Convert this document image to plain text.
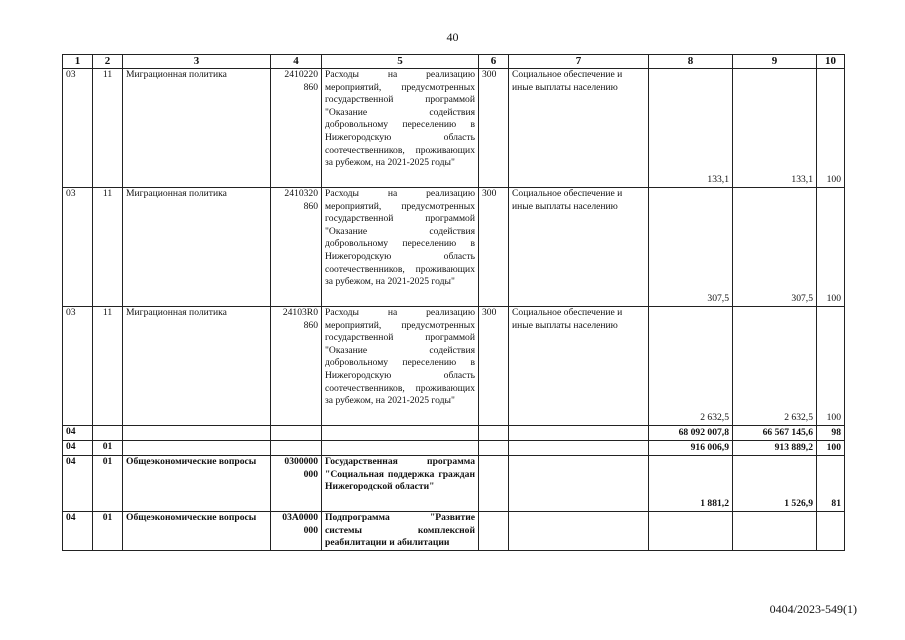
40
1	2	3	4	5	6	7	8	9	10
03	11	Миграционная политика	2410220 860	Расходы на реализацию мероприятий, предусмотренных государственной программой "Оказание содействия добровольному переселению в Нижегородскую область соотечественников, проживающих за рубежом, на 2021-2025 годы"	300	Социальное обеспечение и иные выплаты населению	133,1	133,1	100
03	11	Миграционная политика	2410320 860	Расходы на реализацию мероприятий, предусмотренных государственной программой "Оказание содействия добровольному переселению в Нижегородскую область соотечественников, проживающих за рубежом, на 2021-2025 годы"	300	Социальное обеспечение и иные выплаты населению	307,5	307,5	100
03	11	Миграционная политика	24103R0 860	Расходы на реализацию мероприятий, предусмотренных государственной программой "Оказание содействия добровольному переселению в Нижегородскую область соотечественников, проживающих за рубежом, на 2021-2025 годы"	300	Социальное обеспечение и иные выплаты населению	2 632,5	2 632,5	100
04							68 092 007,8	66 567 145,6	98
04	01						916 006,9	913 889,2	100
04	01	Общеэкономические вопросы	0300000 000	Государственная программа "Социальная поддержка граждан Нижегородской области"			1 881,2	1 526,9	81
04	01	Общеэкономические вопросы	03А0000 000	Подпрограмма "Развитие системы комплексной реабилитации и абилитации					
0404/2023-549(1)
